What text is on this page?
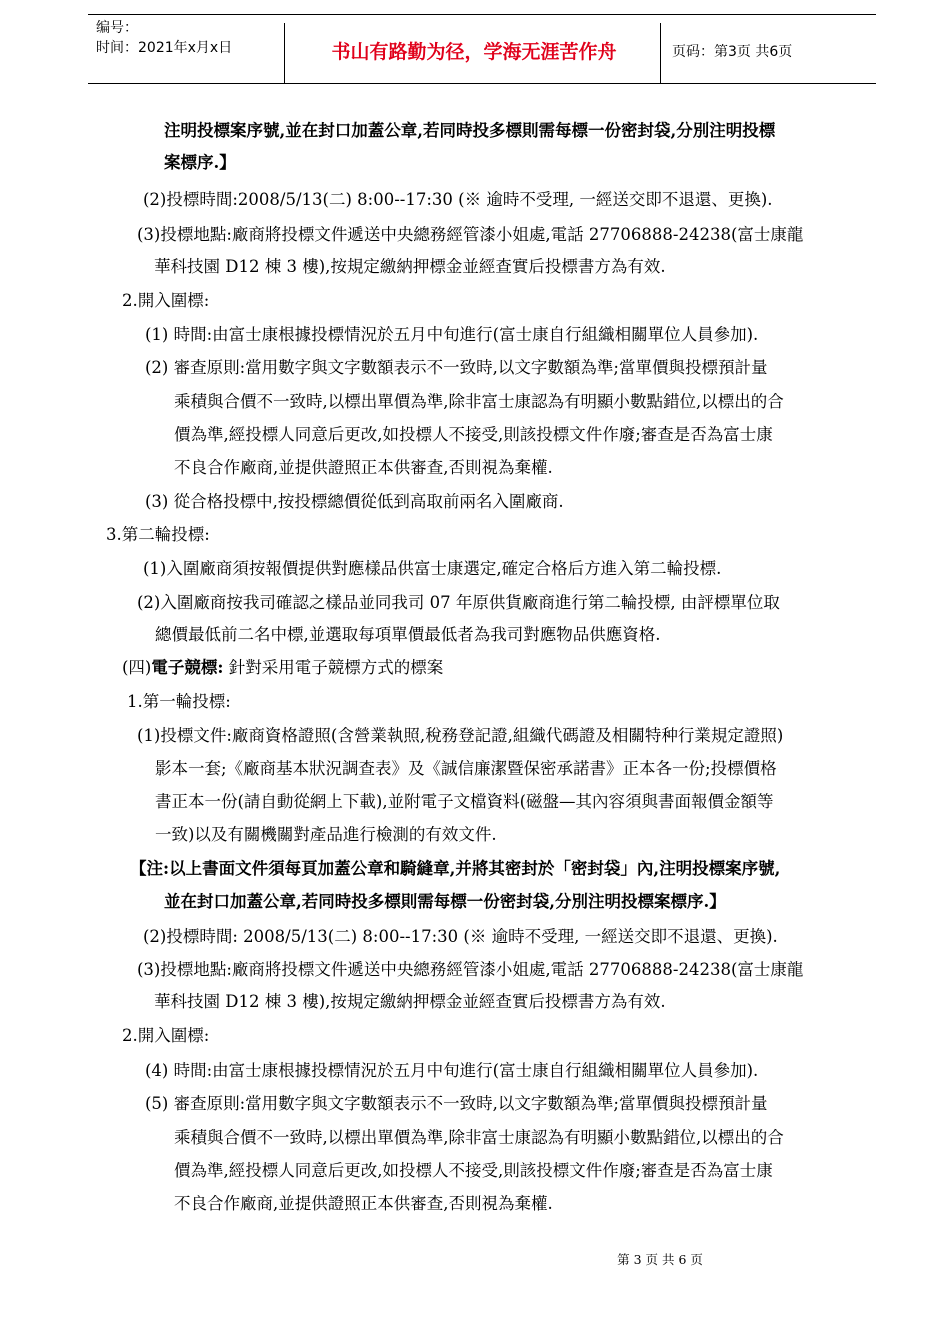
编号：
时间：2021年x月x日	书山有路勤为径，学海无涯苦作舟	页码：第3页 共6页
注明投標案序號,並在封口加蓋公章,若同時投多標則需每標一份密封袋,分別注明投標
案標序.】
(2)投標時間:2008/5/13(二) 8:00--17:30 (※ 逾時不受理, 一經送交即不退還、更換).
(3)投標地點:廠商將投標文件遞送中央總務經管漆小姐處,電話 27706888-24238(富士康龍
華科技園 D12 棟 3 樓),按規定繳納押標金並經查實后投標書方為有效.
2.開入圍標:
(1) 時間:由富士康根據投標情況於五月中旬進行(富士康自行組織相關單位人員參加).
(2) 審查原則:當用數字與文字數額表示不一致時,以文字數額為準;當單價與投標預計量
乘積與合價不一致時,以標出單價為準,除非富士康認為有明顯小數點錯位,以標出的合
價為準,經投標人同意后更改,如投標人不接受,則該投標文件作廢;審查是否為富士康
不良合作廠商,並提供證照正本供審查,否則視為棄權.
(3) 從合格投標中,按投標總價從低到高取前兩名入圍廠商.
3.第二輪投標:
(1)入圍廠商須按報價提供對應樣品供富士康選定,確定合格后方進入第二輪投標.
(2)入圍廠商按我司確認之樣品並同我司 07 年原供貨廠商進行第二輪投標, 由評標單位取
總價最低前二名中標,並選取每項單價最低者為我司對應物品供應資格.
(四)電子競標: 針對采用電子競標方式的標案
1.第一輪投標:
(1)投標文件:廠商資格證照(含營業執照,稅務登記證,組織代碼證及相關特种行業規定證照)
影本一套;《廠商基本狀況調查表》及《誠信廉潔暨保密承諾書》正本各一份;投標價格
書正本一份(請自動從網上下載),並附電子文檔資料(磁盤—其內容須與書面報價金額等
一致)以及有關機關對產品進行檢測的有效文件.
【注:以上書面文件須每頁加蓋公章和騎縫章,并將其密封於「密封袋」內,注明投標案序號,
並在封口加蓋公章,若同時投多標則需每標一份密封袋,分別注明投標案標序.】
(2)投標時間: 2008/5/13(二) 8:00--17:30 (※ 逾時不受理, 一經送交即不退還、更換).
(3)投標地點:廠商將投標文件遞送中央總務經管漆小姐處,電話 27706888-24238(富士康龍
華科技園 D12 棟 3 樓),按規定繳納押標金並經查實后投標書方為有效.
2.開入圍標:
(4) 時間:由富士康根據投標情況於五月中旬進行(富士康自行組織相關單位人員參加).
(5) 審查原則:當用數字與文字數額表示不一致時,以文字數額為準;當單價與投標預計量
乘積與合價不一致時,以標出單價為準,除非富士康認為有明顯小數點錯位,以標出的合
價為準,經投標人同意后更改,如投標人不接受,則該投標文件作廢;審查是否為富士康
不良合作廠商,並提供證照正本供審查,否則視為棄權.
第 3 页 共 6 页
